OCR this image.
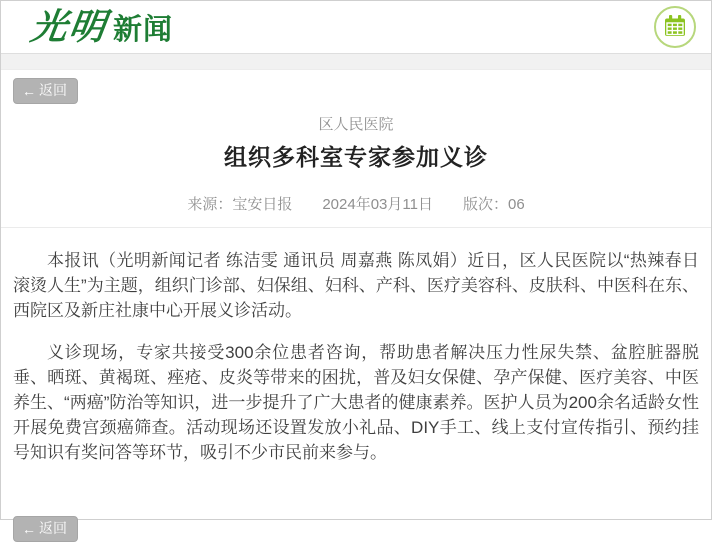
光明 新闻
← 返回
区人民医院
组织多科室专家参加义诊
来源：宝安日报 2024年03月11日 版次：06

本报讯（光明新闻记者 练洁雯 通讯员 周嘉燕 陈凤娟）近日，区人民医院以“热辣春日 滚烫人生”为主题，组织门诊部、妇保组、妇科、产科、医疗美容科、皮肤科、中医科在东、西院区及新庄社康中心开展义诊活动。

义诊现场，专家共接受300余位患者咨询，帮助患者解决压力性尿失禁、盆腔脏器脱垂、晒斑、黄褐斑、痤疮、皮炎等带来的困扰，普及妇女保健、孕产保健、医疗美容、中医养生、“两癌”防治等知识，进一步提升了广大患者的健康素养。医护人员为200余名适龄女性开展免费宫颈癌筛查。活动现场还设置发放小礼品、DIY手工、线上支付宣传指引、预约挂号知识有奖问答等环节，吸引不少市民前来参与。

← 返回
